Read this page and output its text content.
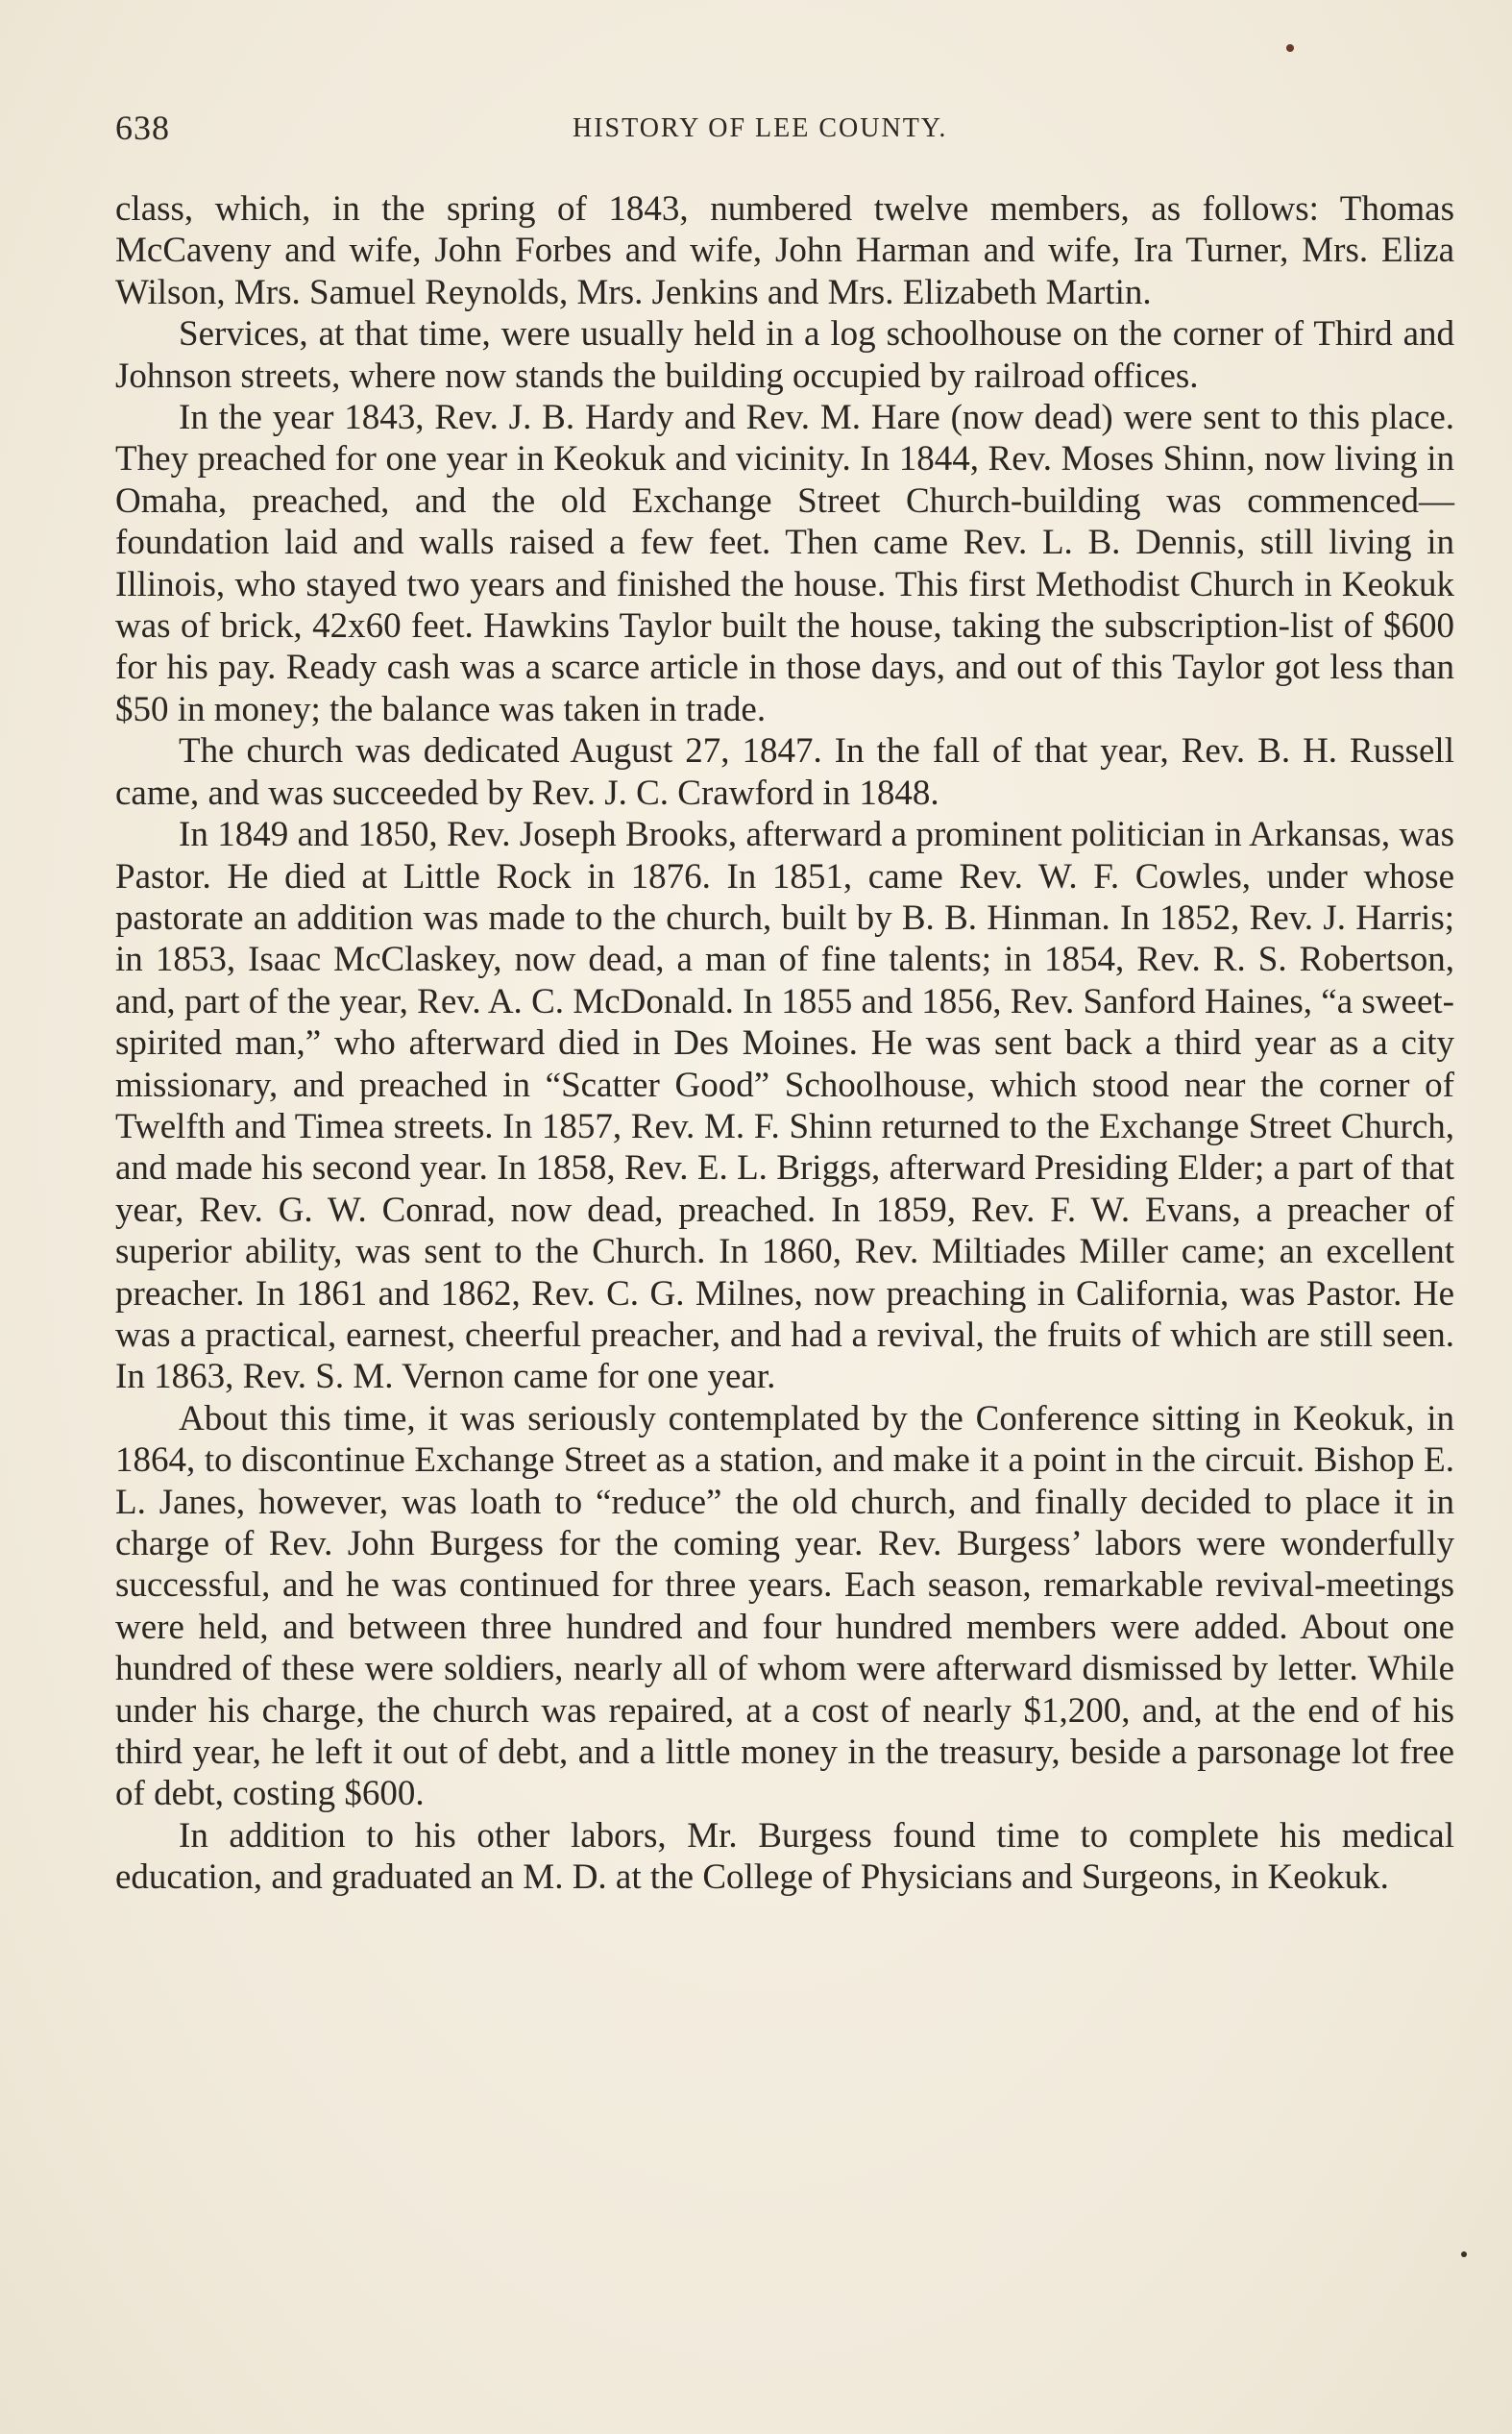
638	HISTORY OF LEE COUNTY.

class, which, in the spring of 1843, numbered twelve members, as follows: Thomas McCaveny and wife, John Forbes and wife, John Harman and wife, Ira Turner, Mrs. Eliza Wilson, Mrs. Samuel Reynolds, Mrs. Jenkins and Mrs. Elizabeth Martin.

Services, at that time, were usually held in a log schoolhouse on the corner of Third and Johnson streets, where now stands the building occupied by railroad offices.

In the year 1843, Rev. J. B. Hardy and Rev. M. Hare (now dead) were sent to this place. They preached for one year in Keokuk and vicinity. In 1844, Rev. Moses Shinn, now living in Omaha, preached, and the old Exchange Street Church-building was commenced—foundation laid and walls raised a few feet. Then came Rev. L. B. Dennis, still living in Illinois, who stayed two years and finished the house. This first Methodist Church in Keokuk was of brick, 42x60 feet. Hawkins Taylor built the house, taking the subscription-list of $600 for his pay. Ready cash was a scarce article in those days, and out of this Taylor got less than $50 in money; the balance was taken in trade.

The church was dedicated August 27, 1847. In the fall of that year, Rev. B. H. Russell came, and was succeeded by Rev. J. C. Crawford in 1848.

In 1849 and 1850, Rev. Joseph Brooks, afterward a prominent politician in Arkansas, was Pastor. He died at Little Rock in 1876. In 1851, came Rev. W. F. Cowles, under whose pastorate an addition was made to the church, built by B. B. Hinman. In 1852, Rev. J. Harris; in 1853, Isaac McClaskey, now dead, a man of fine talents; in 1854, Rev. R. S. Robertson, and, part of the year, Rev. A. C. McDonald. In 1855 and 1856, Rev. Sanford Haines, “a sweet-spirited man,” who afterward died in Des Moines. He was sent back a third year as a city missionary, and preached in “Scatter Good” Schoolhouse, which stood near the corner of Twelfth and Timea streets. In 1857, Rev. M. F. Shinn returned to the Exchange Street Church, and made his second year. In 1858, Rev. E. L. Briggs, afterward Presiding Elder; a part of that year, Rev. G. W. Conrad, now dead, preached. In 1859, Rev. F. W. Evans, a preacher of superior ability, was sent to the Church. In 1860, Rev. Miltiades Miller came; an excellent preacher. In 1861 and 1862, Rev. C. G. Milnes, now preaching in California, was Pastor. He was a practical, earnest, cheerful preacher, and had a revival, the fruits of which are still seen. In 1863, Rev. S. M. Vernon came for one year.

About this time, it was seriously contemplated by the Conference sitting in Keokuk, in 1864, to discontinue Exchange Street as a station, and make it a point in the circuit. Bishop E. L. Janes, however, was loath to “reduce” the old church, and finally decided to place it in charge of Rev. John Burgess for the coming year. Rev. Burgess’ labors were wonderfully successful, and he was continued for three years. Each season, remarkable revival-meetings were held, and between three hundred and four hundred members were added. About one hundred of these were soldiers, nearly all of whom were afterward dismissed by letter. While under his charge, the church was repaired, at a cost of nearly $1,200, and, at the end of his third year, he left it out of debt, and a little money in the treasury, beside a parsonage lot free of debt, costing $600.

In addition to his other labors, Mr. Burgess found time to complete his medical education, and graduated an M. D. at the College of Physicians and Surgeons, in Keokuk.
